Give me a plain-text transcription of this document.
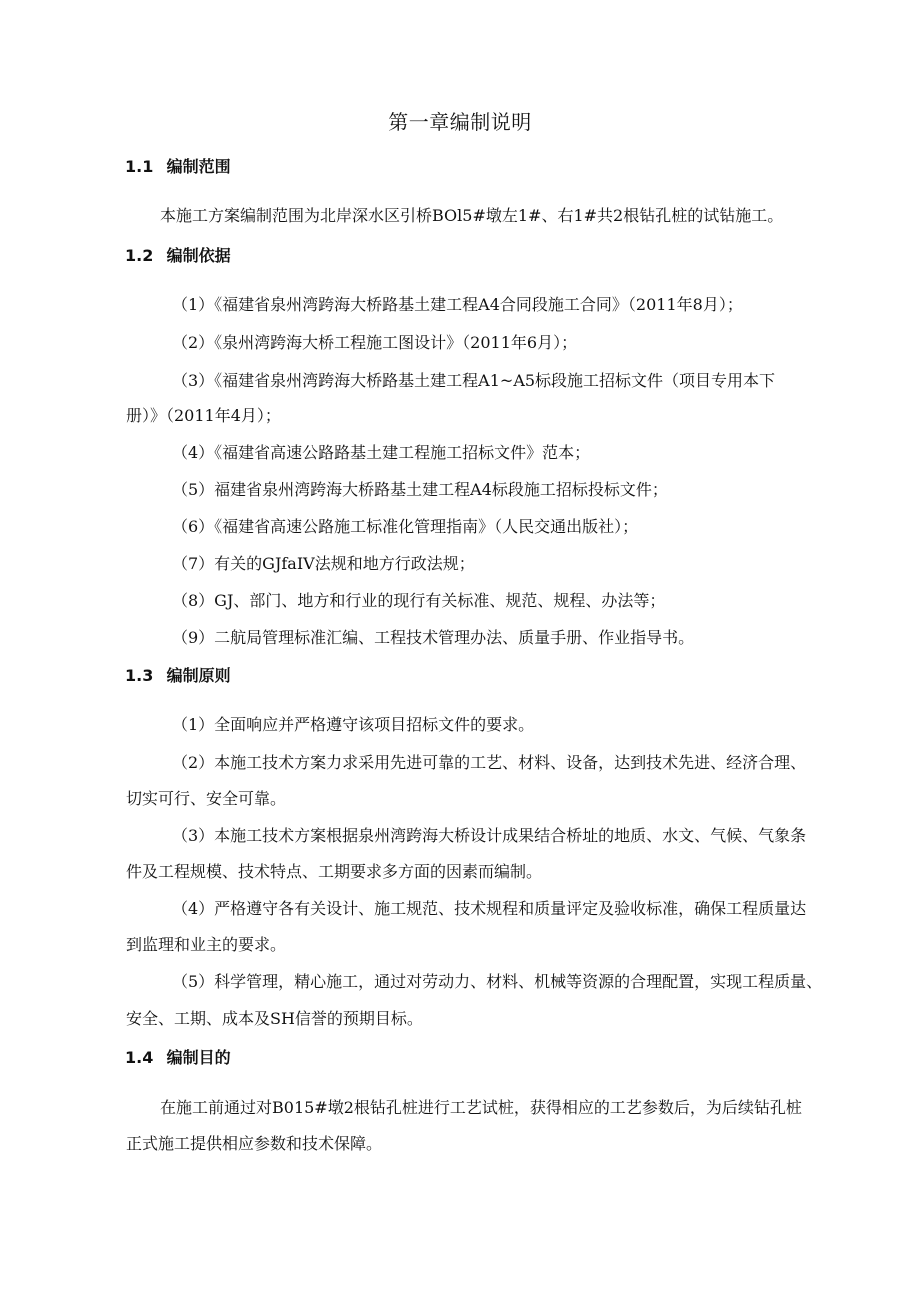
第一章编制说明
1.1 编制范围
本施工方案编制范围为北岸深水区引桥BOl5#墩左1#、右1#共2根钻孔桩的试钻施工。
1.2 编制依据
（1）《福建省泉州湾跨海大桥路基土建工程A4合同段施工合同》（2011年8月）；
（2）《泉州湾跨海大桥工程施工图设计》（2011年6月）；
（3）《福建省泉州湾跨海大桥路基土建工程A1~A5标段施工招标文件（项目专用本下
册）》（2011年4月）；
（4）《福建省高速公路路基土建工程施工招标文件》范本；
（5）福建省泉州湾跨海大桥路基土建工程A4标段施工招标投标文件；
（6）《福建省高速公路施工标准化管理指南》（人民交通出版社）；
（7）有关的GJfaIV法规和地方行政法规；
（8）GJ、部门、地方和行业的现行有关标准、规范、规程、办法等；
（9）二航局管理标准汇编、工程技术管理办法、质量手册、作业指导书。
1.3 编制原则
（1）全面响应并严格遵守该项目招标文件的要求。
（2）本施工技术方案力求采用先进可靠的工艺、材料、设备，达到技术先进、经济合理、
切实可行、安全可靠。
（3）本施工技术方案根据泉州湾跨海大桥设计成果结合桥址的地质、水文、气候、气象条
件及工程规模、技术特点、工期要求多方面的因素而编制。
（4）严格遵守各有关设计、施工规范、技术规程和质量评定及验收标准，确保工程质量达
到监理和业主的要求。
（5）科学管理，精心施工，通过对劳动力、材料、机械等资源的合理配置，实现工程质量、
安全、工期、成本及SH信誉的预期目标。
1.4 编制目的
在施工前通过对B015#墩2根钻孔桩进行工艺试桩，获得相应的工艺参数后，为后续钻孔桩
正式施工提供相应参数和技术保障。
